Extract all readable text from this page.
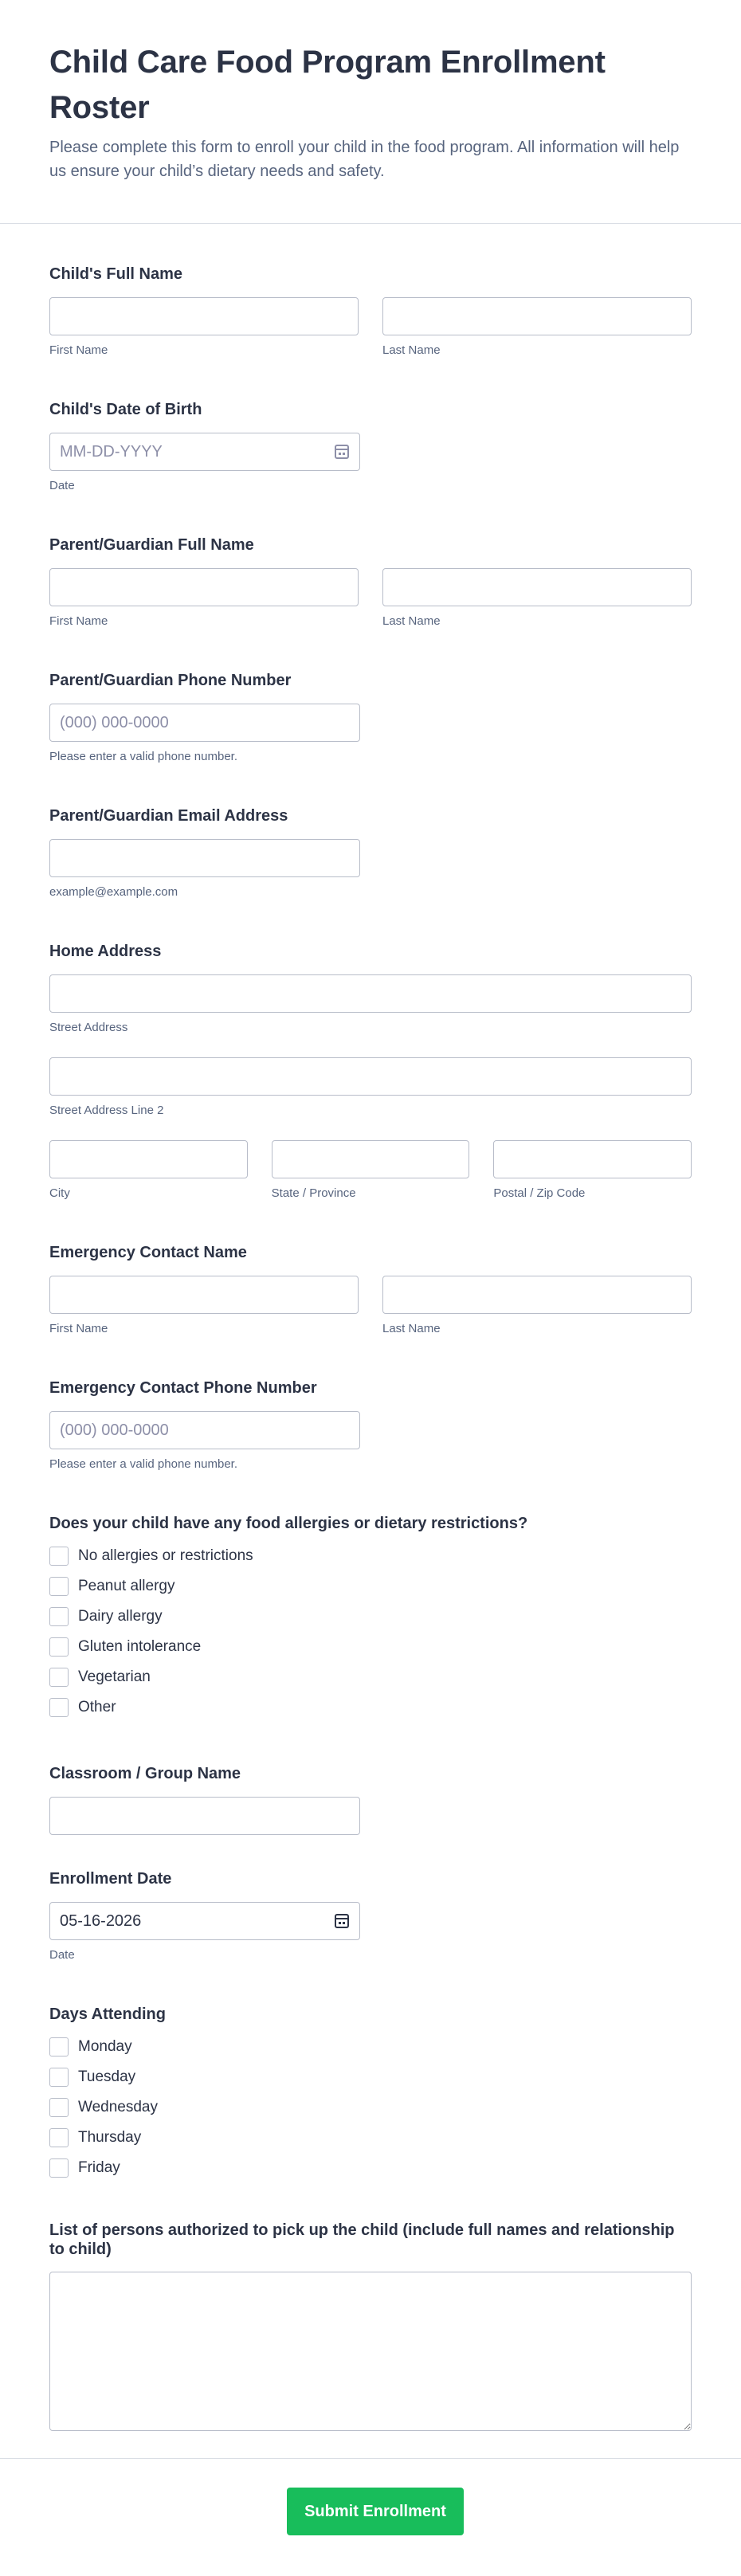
Child Care Food Program Enrollment Roster

Please complete this form to enroll your child in the food program. All information will help us ensure your child’s dietary needs and safety.

Child's Full Name
First Name	Last Name
Child's Date of Birth
MM-DD-YYYY
Date
Parent/Guardian Full Name
First Name	Last Name
Parent/Guardian Phone Number
(000) 000-0000
Please enter a valid phone number.
Parent/Guardian Email Address
example@example.com
Home Address
Street Address
Street Address Line 2
City	State / Province	Postal / Zip Code
Emergency Contact Name
First Name	Last Name
Emergency Contact Phone Number
(000) 000-0000
Please enter a valid phone number.
Does your child have any food allergies or dietary restrictions?
No allergies or restrictions
Peanut allergy
Dairy allergy
Gluten intolerance
Vegetarian
Other
Classroom / Group Name
Enrollment Date
05-16-2026
Date
Days Attending
Monday
Tuesday
Wednesday
Thursday
Friday
List of persons authorized to pick up the child (include full names and relationship to child)
Submit Enrollment
